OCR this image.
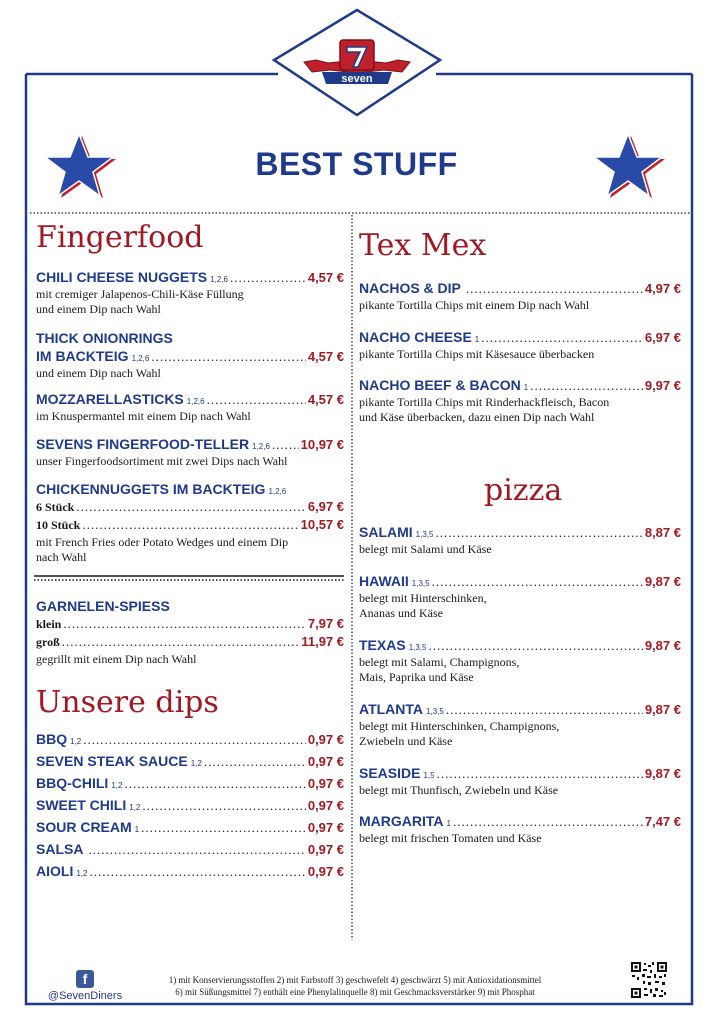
seven
BEST STUFF
Fingerfood
CHILI CHEESE NUGGETS 1,2,6 .....	4,57 €
mit cremiger Jalapenos-Chili-Käse Füllung
und einem Dip nach Wahl
THICK ONIONRINGS
IM BACKTEIG 1,2,6 .....	4,57 €
und einem Dip nach Wahl
MOZZARELLASTICKS 1,2,6 .....	4,57 €
im Knuspermantel mit einem Dip nach Wahl
SEVENS FINGERFOOD-TELLER 1,2,6 ..... 10,97 €
unser Fingerfoodsortiment mit zwei Dips nach Wahl
CHICKENNUGGETS IM BACKTEIG 1,2,6
6 Stück .....	6,97 €
10 Stück .....	10,57 €
mit French Fries oder Potato Wedges und einem Dip
nach Wahl
GARNELEN-SPIESS
klein .....	7,97 €
groß .....	11,97 €
gegrillt mit einem Dip nach Wahl
Unsere dips
BBQ 1,2 .....	0,97 €
SEVEN STEAK SAUCE 1,2 .....	0,97 €
BBQ-CHILI 1,2 .....	0,97 €
SWEET CHILI 1,2 .....	0,97 €
SOUR CREAM 1 .....	0,97 €
SALSA .....	0,97 €
AIOLI 1,2 .....	0,97 €
Tex Mex
NACHOS & DIP .....	4,97 €
pikante Tortilla Chips mit einem Dip nach Wahl
NACHO CHEESE 1 .....	6,97 €
pikante Tortilla Chips mit Käsesauce überbacken
NACHO BEEF & BACON 1 .....	9,97 €
pikante Tortilla Chips mit Rinderhackfleisch, Bacon
und Käse überbacken, dazu einen Dip nach Wahl
pizza
SALAMI 1,3,5 .....	8,87 €
belegt mit Salami und Käse
HAWAII 1,3,5 .....	9,87 €
belegt mit Hinterschinken,
Ananas und Käse
TEXAS 1,3,5 .....	9,87 €
belegt mit Salami, Champignons,
Mais, Paprika und Käse
ATLANTA 1,3,5 .....	9,87 €
belegt mit Hinterschinken, Champignons,
Zwiebeln und Käse
SEASIDE 1,5 .....	9,87 €
belegt mit Thunfisch, Zwiebeln und Käse
MARGARITA 1 .....	7,47 €
belegt mit frischen Tomaten und Käse
f
@SevenDiners
1) mit Konservierungsstoffen 2) mit Farbstoff 3) geschwefelt 4) geschwärzt 5) mit Antioxidationsmittel
6) mit Süßungsmittel 7) enthält eine Phenylalinquelle 8) mit Geschmacksverstärker 9) mit Phosphat
